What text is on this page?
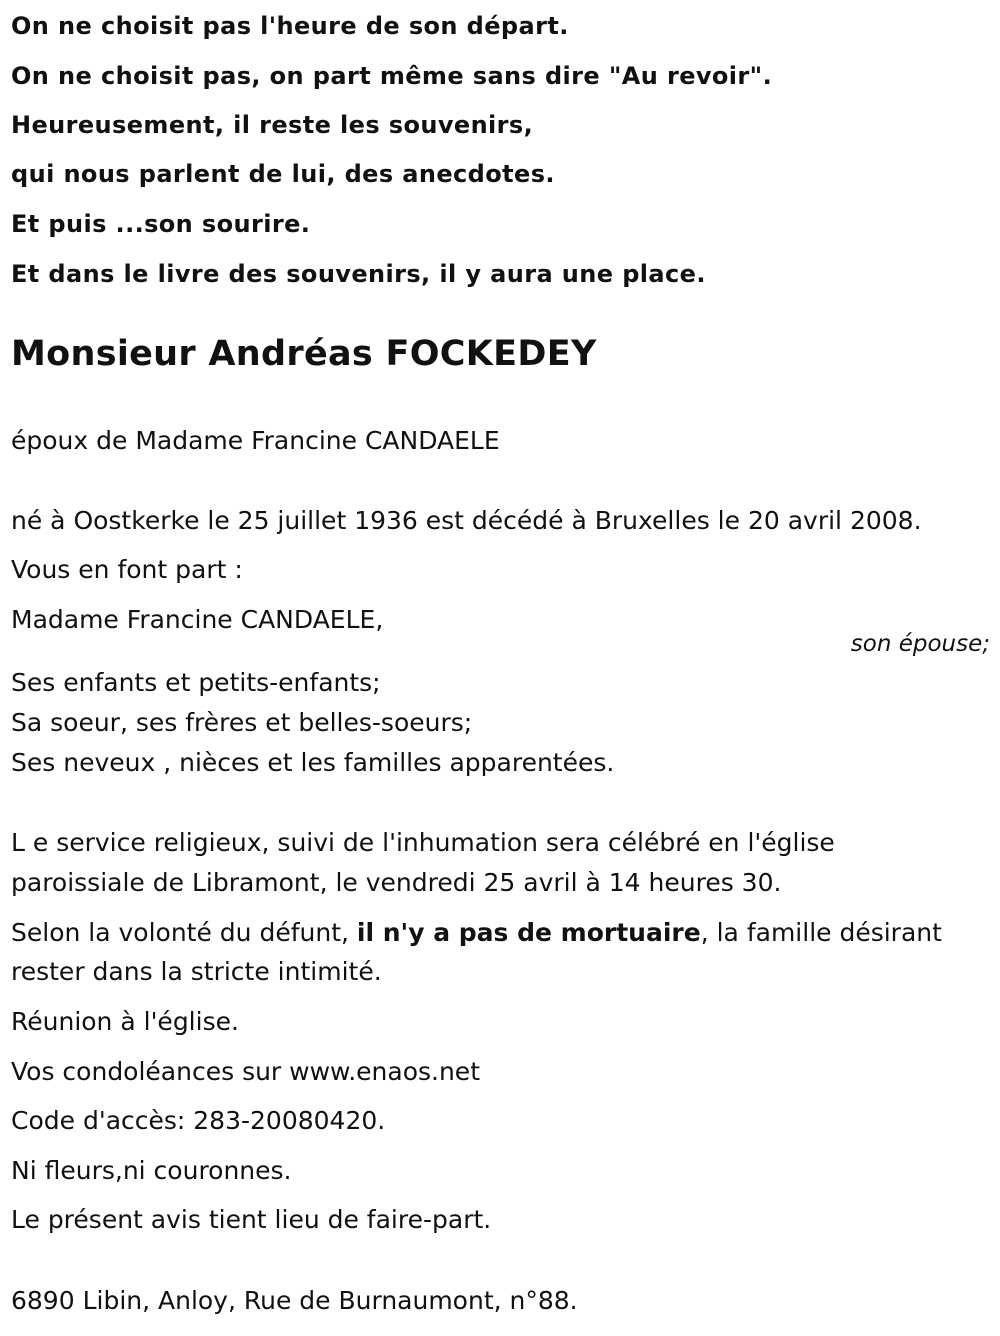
On ne choisit pas l'heure de son départ.
On ne choisit pas, on part même sans dire "Au revoir".
Heureusement, il reste les souvenirs,
qui nous parlent de lui, des anecdotes.
Et puis ...son sourire.
Et dans le livre des souvenirs, il y aura une place.
Monsieur Andréas FOCKEDEY
époux de Madame Francine CANDAELE
né à Oostkerke le 25 juillet 1936 est décédé à Bruxelles le 20 avril 2008.
Vous en font part :
Madame Francine CANDAELE,
son épouse;
Ses enfants et petits-enfants;
Sa soeur, ses frères et belles-soeurs;
Ses neveux , nièces et les familles apparentées.
L e service religieux, suivi de l'inhumation sera célébré en l'église
paroissiale de Libramont, le vendredi 25 avril à 14 heures 30.
Selon la volonté du défunt, il n'y a pas de mortuaire, la famille désirant
rester dans la stricte intimité.
Réunion à l'église.
Vos condoléances sur www.enaos.net
Code d'accès: 283-20080420.
Ni fleurs,ni couronnes.
Le présent avis tient lieu de faire-part.
6890 Libin, Anloy, Rue de Burnaumont, n°88.
